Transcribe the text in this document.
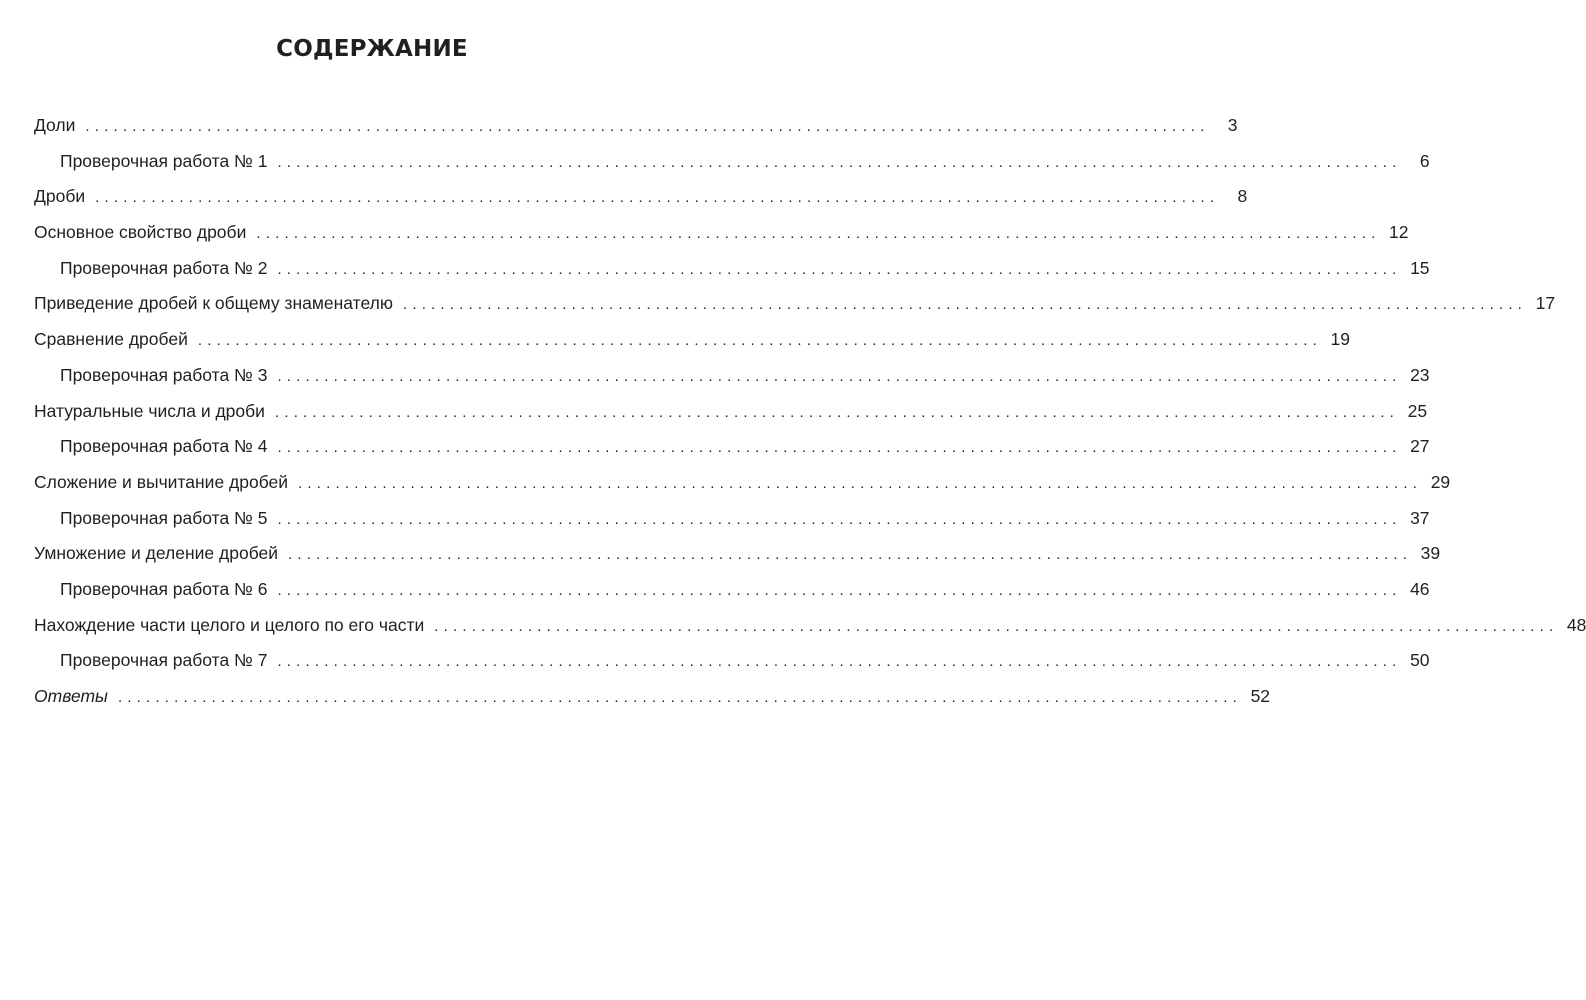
СОДЕРЖАНИЕ
Доли ........................................................................................................................	3
Проверочная работа № 1 ........................................................................................................................	6
Дроби ........................................................................................................................	8
Основное свойство дроби ........................................................................................................................ 12
Проверочная работа № 2 ........................................................................................................................ 15
Приведение дробей к общему знаменателю ........................................................................................................................ 17
Сравнение дробей ........................................................................................................................ 19
Проверочная работа № 3 ........................................................................................................................ 23
Натуральные числа и дроби ........................................................................................................................ 25
Проверочная работа № 4 ........................................................................................................................ 27
Сложение и вычитание дробей ........................................................................................................................ 29
Проверочная работа № 5 ........................................................................................................................ 37
Умножение и деление дробей ........................................................................................................................ 39
Проверочная работа № 6 ........................................................................................................................ 46
Нахождение части целого и целого по его части ........................................................................................................................ 48
Проверочная работа № 7 ........................................................................................................................ 50
Ответы ........................................................................................................................ 52
